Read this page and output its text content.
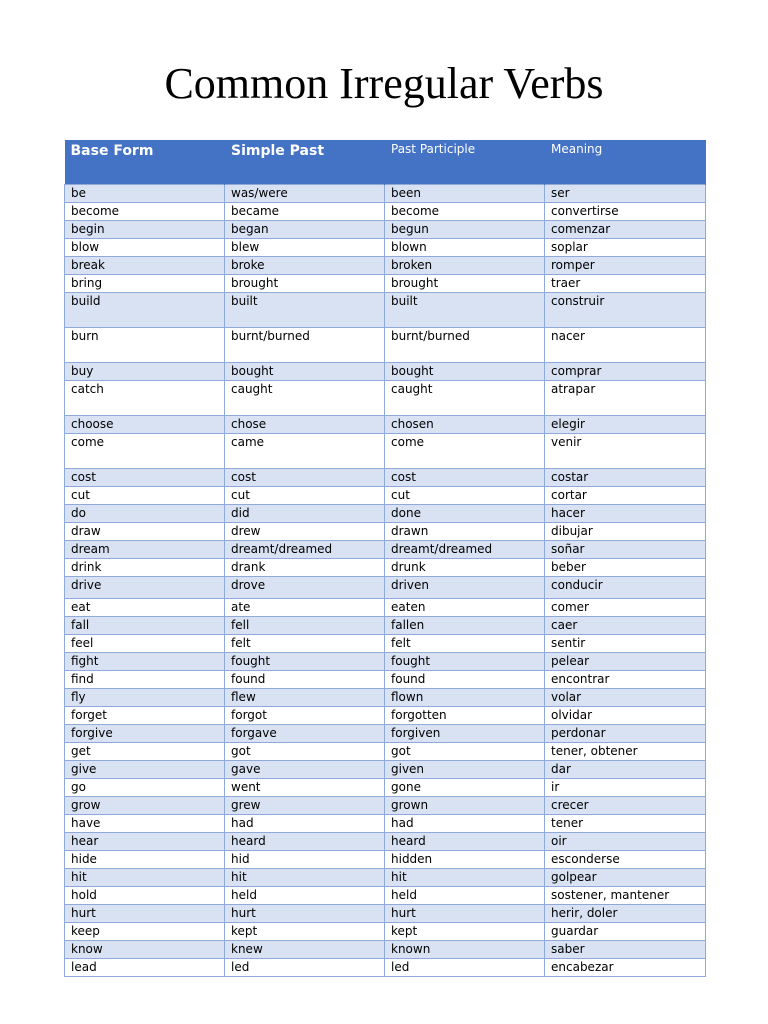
Common Irregular Verbs
Base Form	Simple Past	Past Participle	Meaning
be	was/were	been	ser
become	became	become	convertirse
begin	began	begun	comenzar
blow	blew	blown	soplar
break	broke	broken	romper
bring	brought	brought	traer
build	built	built	construir
burn	burnt/burned	burnt/burned	nacer
buy	bought	bought	comprar
catch	caught	caught	atrapar
choose	chose	chosen	elegir
come	came	come	venir
cost	cost	cost	costar
cut	cut	cut	cortar
do	did	done	hacer
draw	drew	drawn	dibujar
dream	dreamt/dreamed	dreamt/dreamed	soñar
drink	drank	drunk	beber
drive	drove	driven	conducir
eat	ate	eaten	comer
fall	fell	fallen	caer
feel	felt	felt	sentir
fight	fought	fought	pelear
find	found	found	encontrar
fly	flew	flown	volar
forget	forgot	forgotten	olvidar
forgive	forgave	forgiven	perdonar
get	got	got	tener, obtener
give	gave	given	dar
go	went	gone	ir
grow	grew	grown	crecer
have	had	had	tener
hear	heard	heard	oir
hide	hid	hidden	esconderse
hit	hit	hit	golpear
hold	held	held	sostener, mantener
hurt	hurt	hurt	herir, doler
keep	kept	kept	guardar
know	knew	known	saber
lead	led	led	encabezar
